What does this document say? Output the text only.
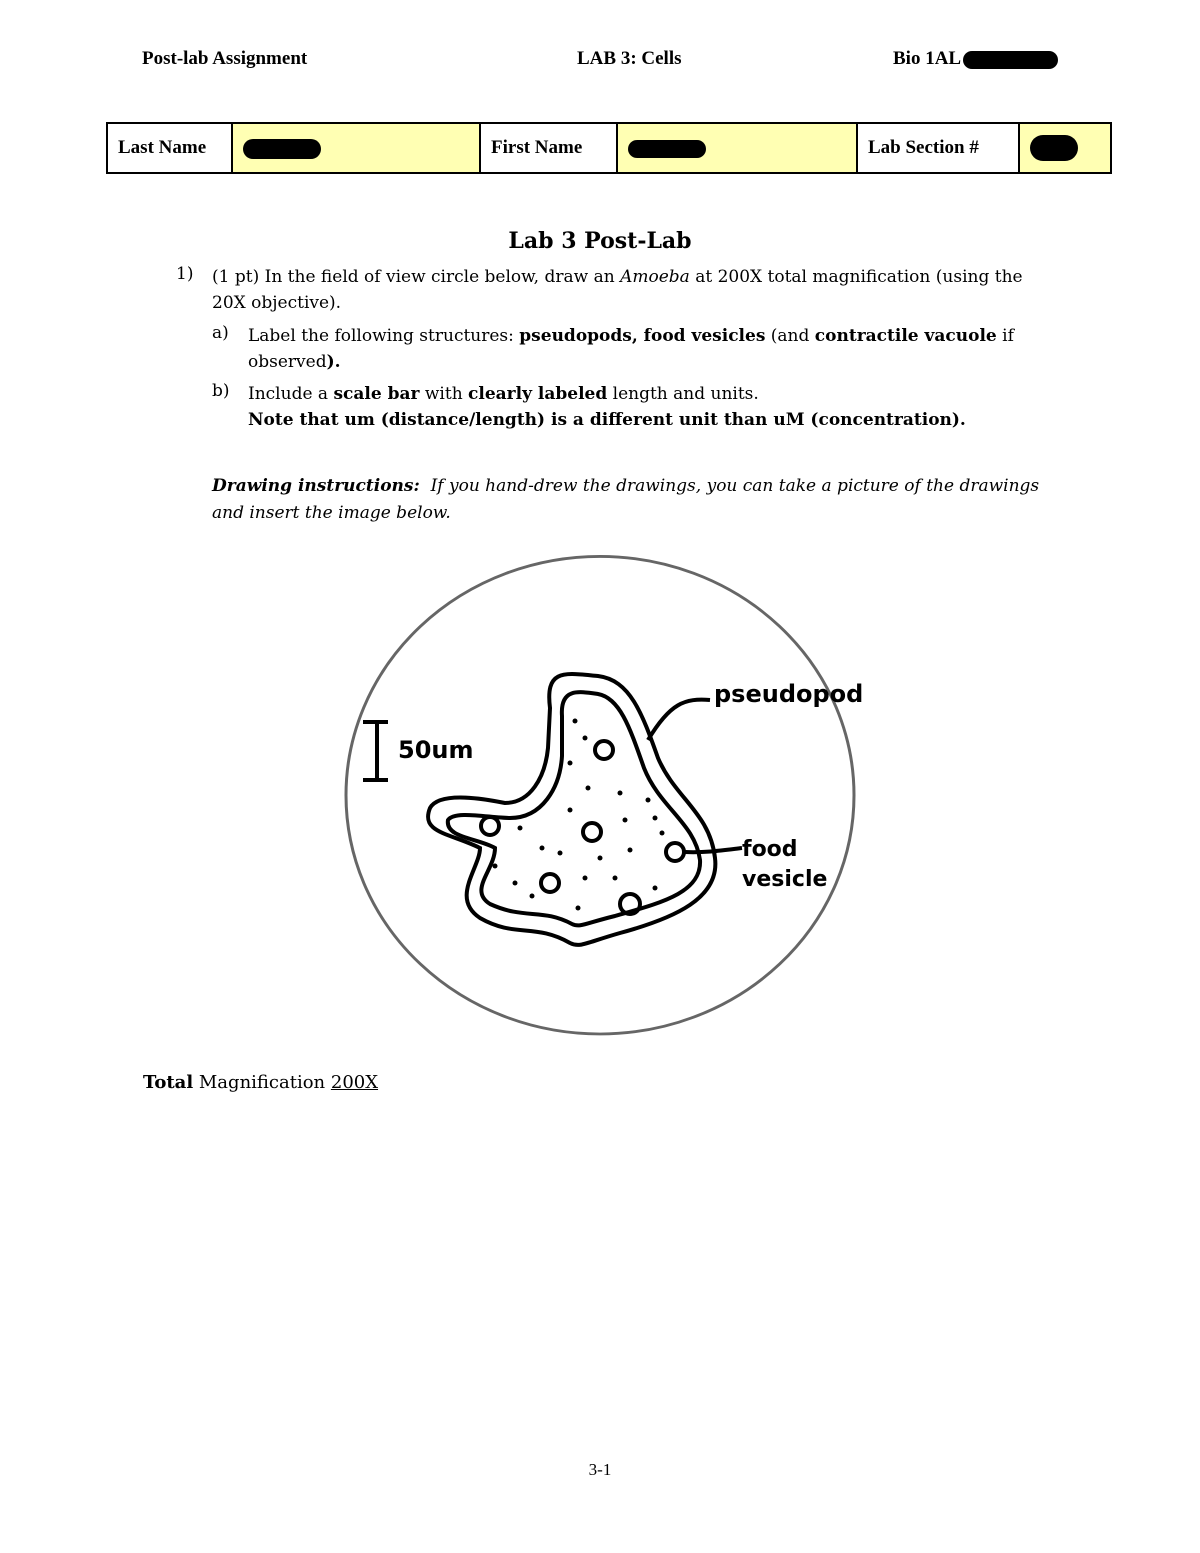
Post-lab Assignment	LAB 3: Cells	Bio 1AL
Last Name		First Name		Lab Section #	
Lab 3 Post-Lab
1) (1 pt) In the field of view circle below, draw an Amoeba at 200X total magnification (using the 20X objective).
a) Label the following structures: pseudopods, food vesicles (and contractile vacuole if observed).
b) Include a scale bar with clearly labeled length and units.
Note that um (distance/length) is a different unit than uM (concentration).
Drawing instructions: If you hand-drew the drawings, you can take a picture of the drawings and insert the image below.
50um
pseudopod
food
vesicle
Total Magnification 200X
3-1
